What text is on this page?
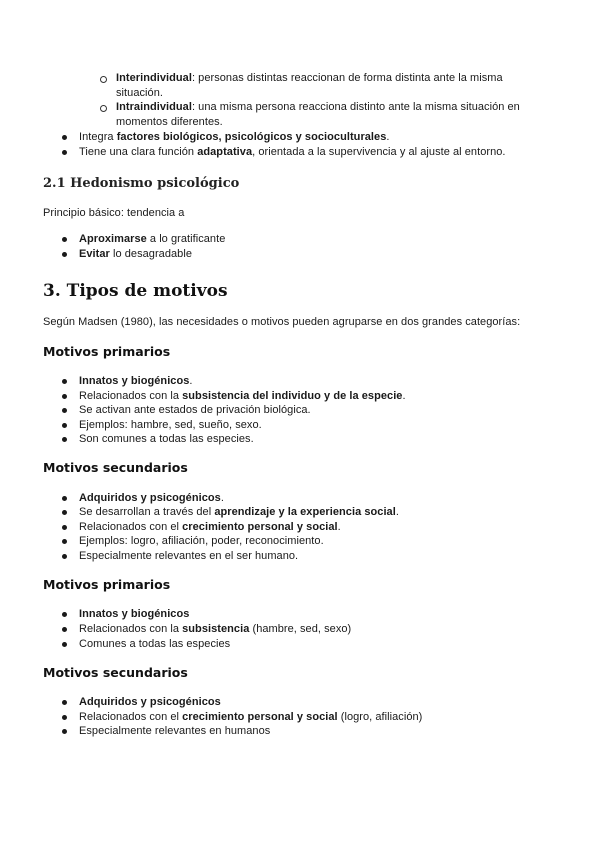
Interindividual: personas distintas reaccionan de forma distinta ante la misma
situación.
Intraindividual: una misma persona reacciona distinto ante la misma situación en
momentos diferentes.
Integra factores biológicos, psicológicos y socioculturales.
Tiene una clara función adaptativa, orientada a la supervivencia y al ajuste al entorno.
2.1 Hedonismo psicológico
Principio básico: tendencia a
Aproximarse a lo gratificante
Evitar lo desagradable
3. Tipos de motivos
Según Madsen (1980), las necesidades o motivos pueden agruparse en dos grandes categorías:
Motivos primarios
Innatos y biogénicos.
Relacionados con la subsistencia del individuo y de la especie.
Se activan ante estados de privación biológica.
Ejemplos: hambre, sed, sueño, sexo.
Son comunes a todas las especies.
Motivos secundarios
Adquiridos y psicogénicos.
Se desarrollan a través del aprendizaje y la experiencia social.
Relacionados con el crecimiento personal y social.
Ejemplos: logro, afiliación, poder, reconocimiento.
Especialmente relevantes en el ser humano.
Motivos primarios
Innatos y biogénicos
Relacionados con la subsistencia (hambre, sed, sexo)
Comunes a todas las especies
Motivos secundarios
Adquiridos y psicogénicos
Relacionados con el crecimiento personal y social (logro, afiliación)
Especialmente relevantes en humanos
